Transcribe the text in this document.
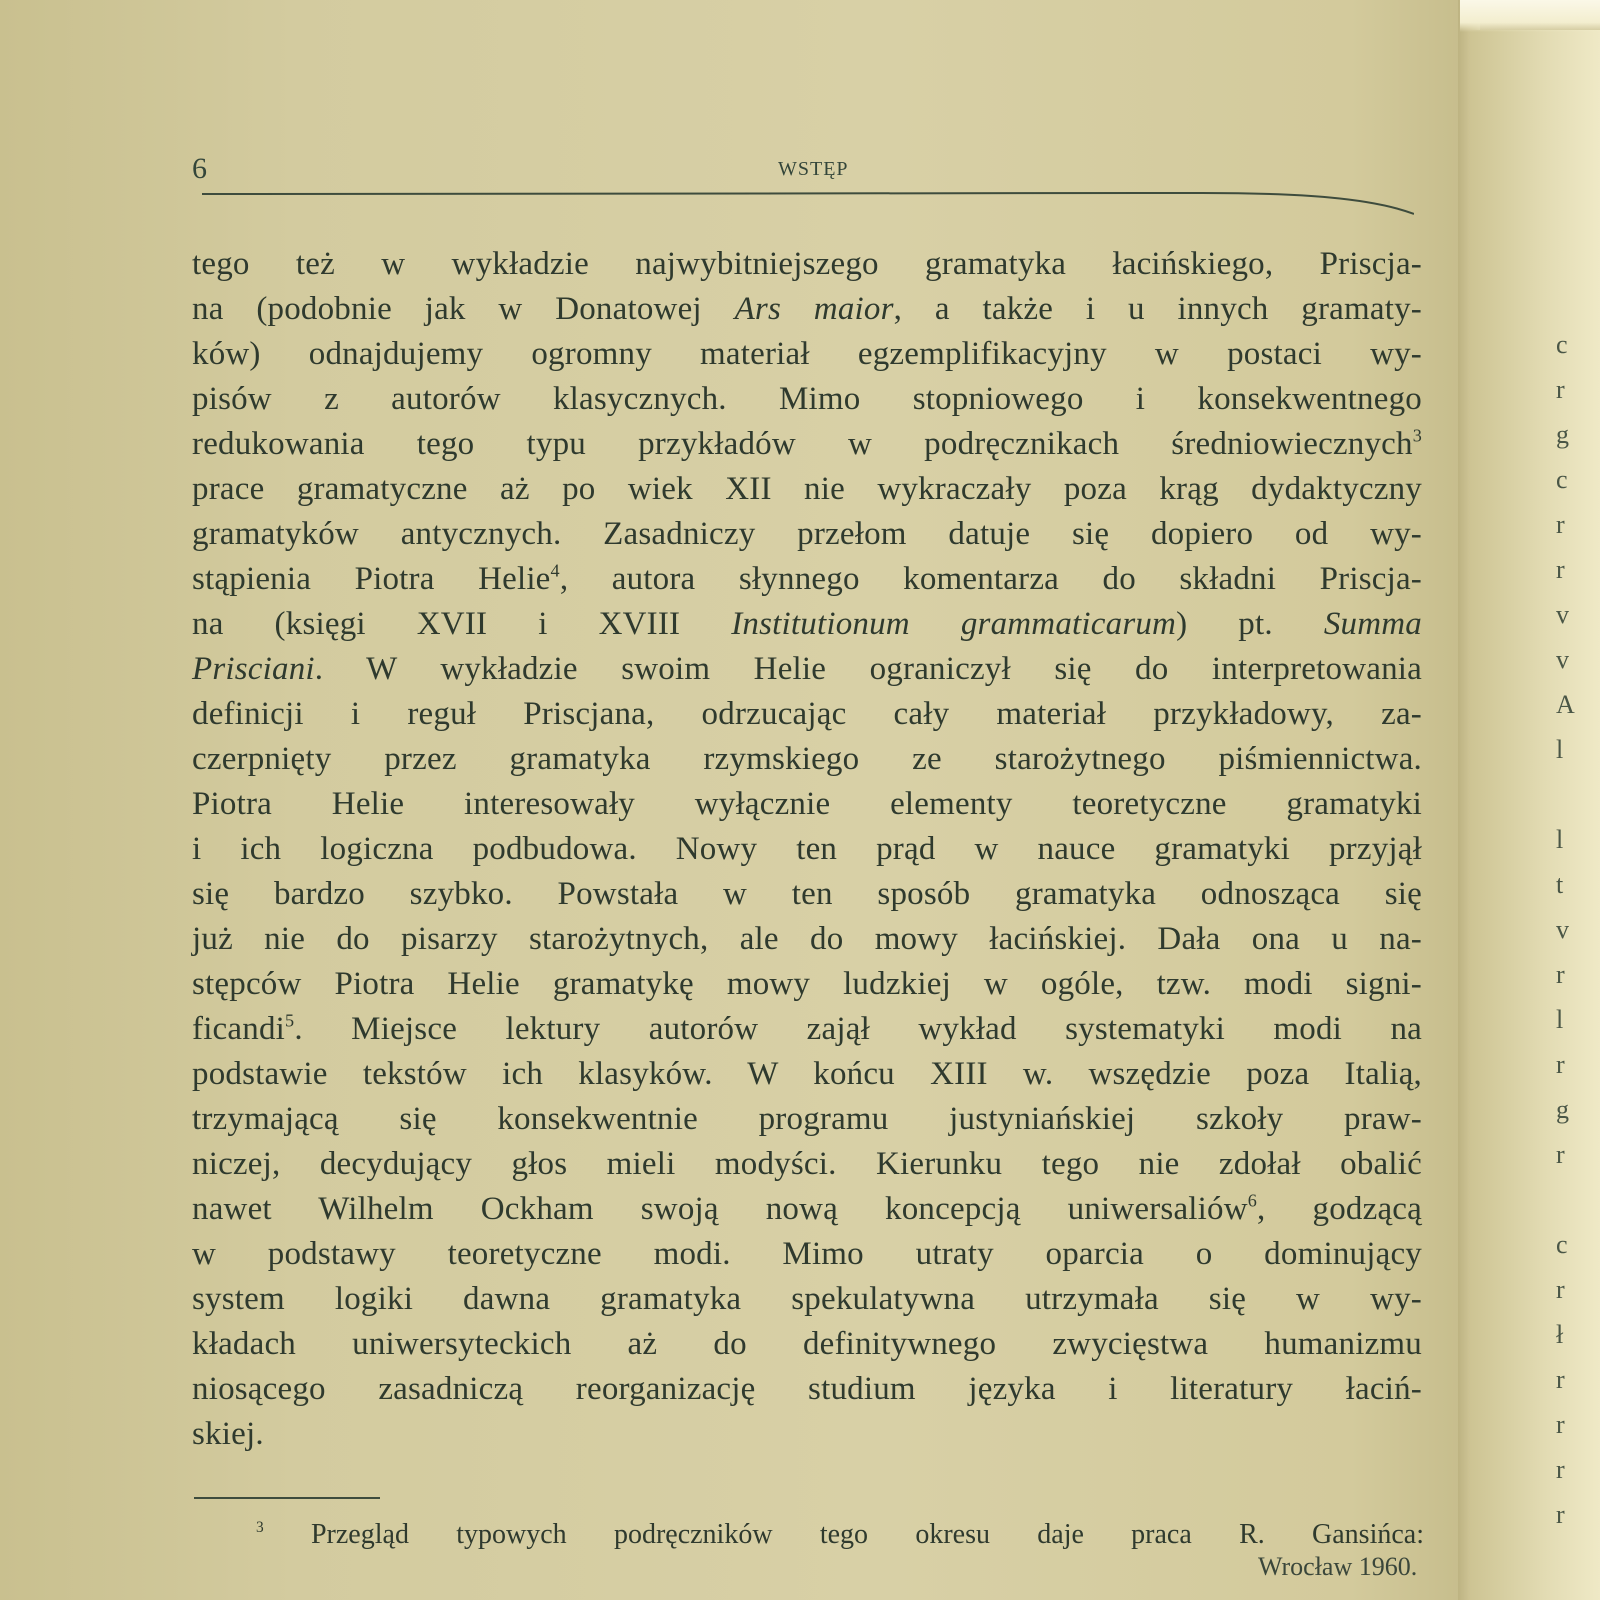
6	WSTĘP
tego też w wykładzie najwybitniejszego gramatyka łacińskiego, Priscja-
na (podobnie jak w Donatowej Ars maior, a także i u innych gramaty-
ków) odnajdujemy ogromny materiał egzemplifikacyjny w postaci wy-
pisów z autorów klasycznych. Mimo stopniowego i konsekwentnego
redukowania tego typu przykładów w podręcznikach średniowiecznych$^3$
prace gramatyczne aż po wiek XII nie wykraczały poza krąg dydaktyczny
gramatyków antycznych. Zasadniczy przełom datuje się dopiero od wy-
stąpienia Piotra Helie$^4$, autora słynnego komentarza do składni Priscja-
na (księgi XVII i XVIII Institutionum grammaticarum) pt. Summa
Prisciani. W wykładzie swoim Helie ograniczył się do interpretowania
definicji i reguł Priscjana, odrzucając cały materiał przykładowy, za-
czerpnięty przez gramatyka rzymskiego ze starożytnego piśmiennictwa.
Piotra Helie interesowały wyłącznie elementy teoretyczne gramatyki
i ich logiczna podbudowa. Nowy ten prąd w nauce gramatyki przyjął
się bardzo szybko. Powstała w ten sposób gramatyka odnosząca się
już nie do pisarzy starożytnych, ale do mowy łacińskiej. Dała ona u na-
stępców Piotra Helie gramatykę mowy ludzkiej w ogóle, tzw. modi signi-
ficandi$^5$. Miejsce lektury autorów zajął wykład systematyki modi na
podstawie tekstów ich klasyków. W końcu XIII w. wszędzie poza Italią,
trzymającą się konsekwentnie programu justyniańskiej szkoły praw-
niczej, decydujący głos mieli modyści. Kierunku tego nie zdołał obalić
nawet Wilhelm Ockham swoją nową koncepcją uniwersaliów$^6$, godzącą
w podstawy teoretyczne modi. Mimo utraty oparcia o dominujący
system logiki dawna gramatyka spekulatywna utrzymała się w wy-
kładach uniwersyteckich aż do definitywnego zwycięstwa humanizmu
niosącego zasadniczą reorganizację studium języka i literatury łaciń-
skiej.
$^3$ Przegląd typowych podręczników tego okresu daje praca R. Gansińca:
Wrocław 1960.
c
r
g
c
r
r
v
v
A
l
l
t
v
r
l
r
g
r
c
r
ł
r
r
r
r
